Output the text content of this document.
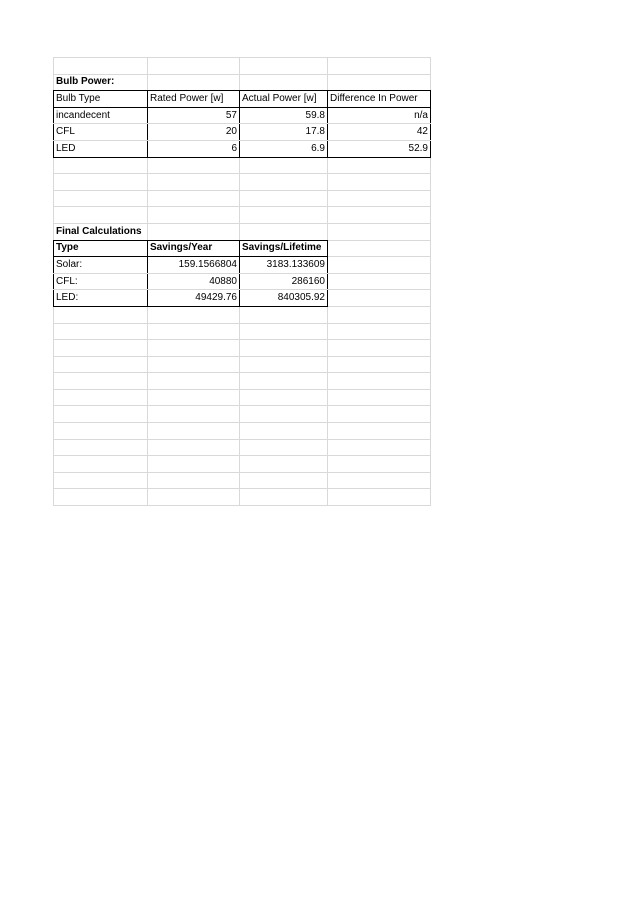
Bulb Power:			
Bulb Type	Rated Power [w]	Actual Power [w]	Difference In Power
incandecent	57	59.8	n/a
CFL	20	17.8	42
LED	6	6.9	52.9

Final Calculations			
Type	Savings/Year	Savings/Lifetime	
Solar:	159.1566804	3183.133609	
CFL:	40880	286160	
LED:	49429.76	840305.92	
